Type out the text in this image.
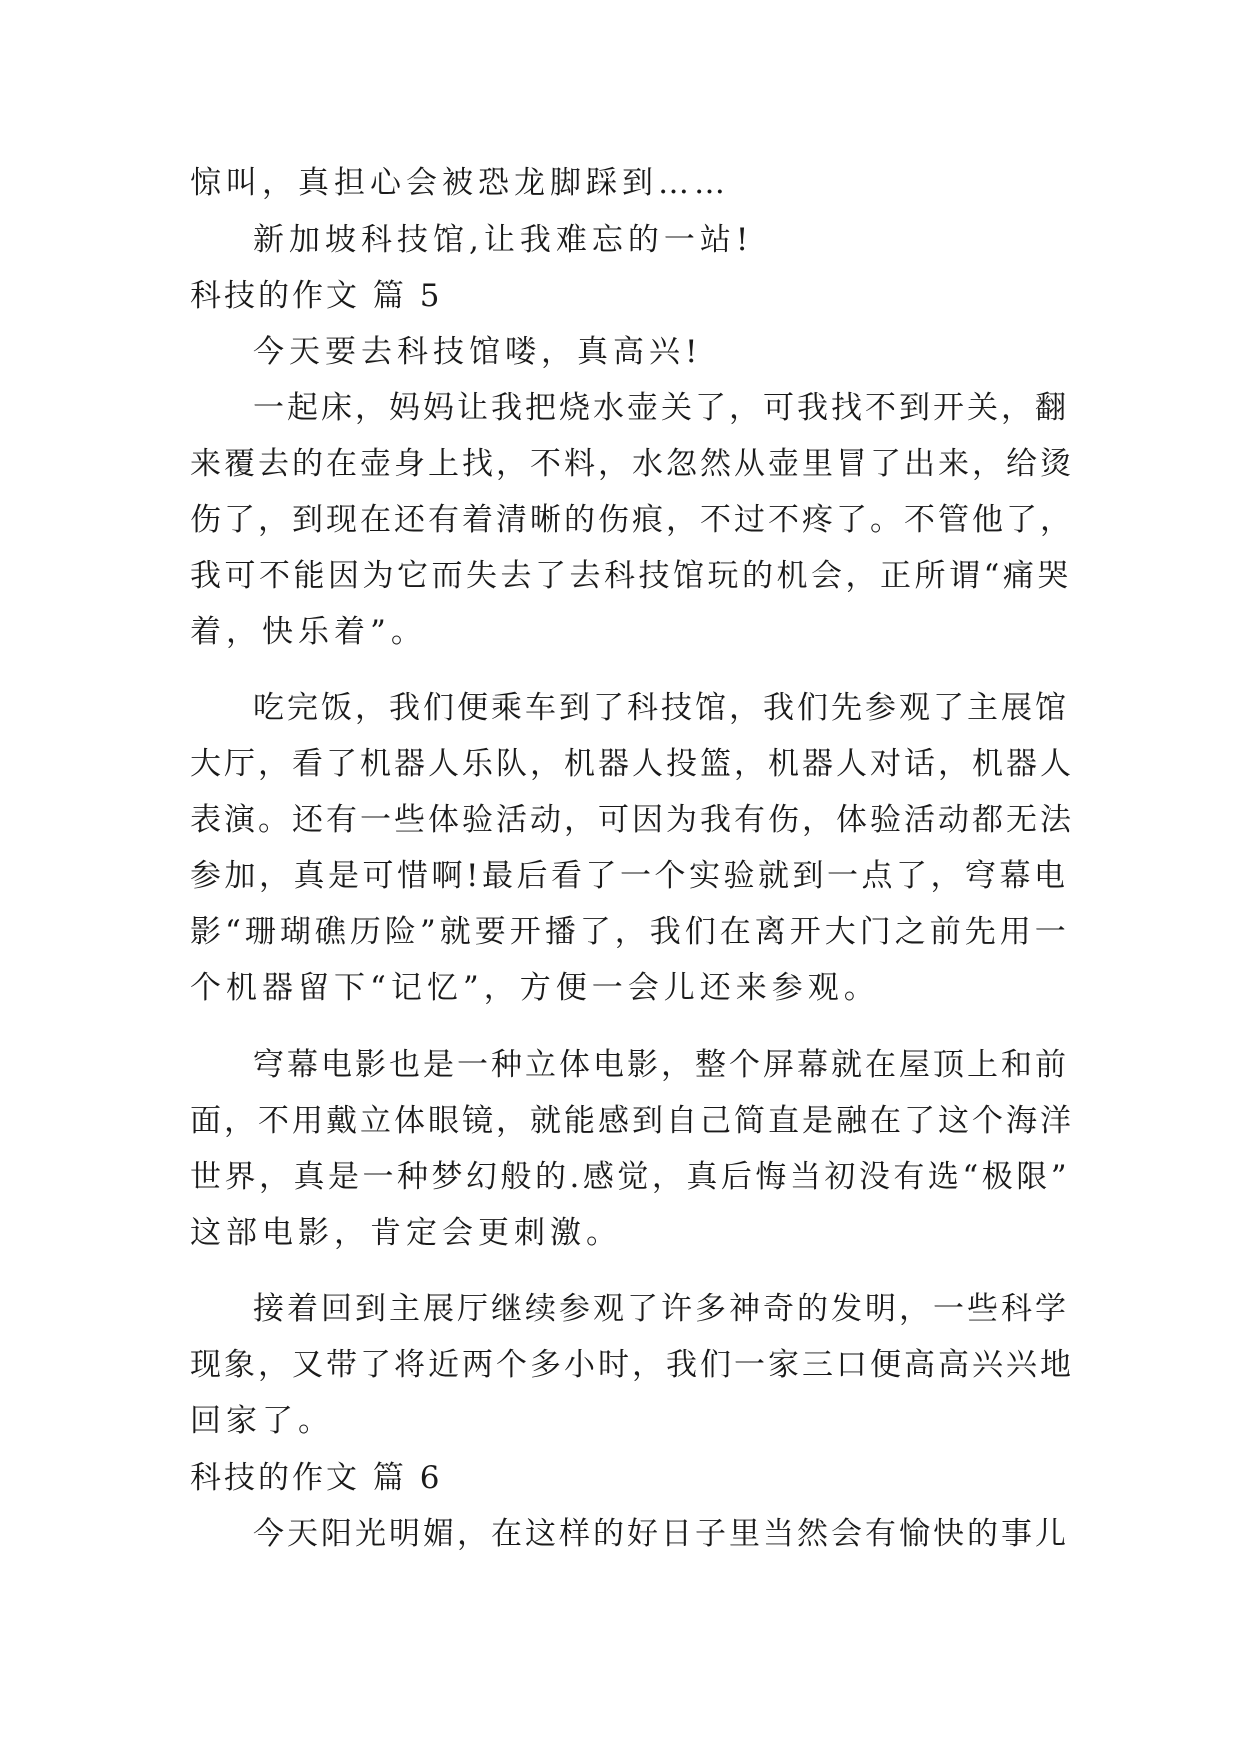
惊叫，真担心会被恐龙脚踩到……
新加坡科技馆,让我难忘的一站!
科技的作文 篇 5
今天要去科技馆喽，真高兴!
一起床，妈妈让我把烧水壶关了，可我找不到开关，翻
来覆去的在壶身上找，不料，水忽然从壶里冒了出来，给烫
伤了，到现在还有着清晰的伤痕，不过不疼了。不管他了，
我可不能因为它而失去了去科技馆玩的机会，正所谓“痛哭
着，快乐着”。
吃完饭，我们便乘车到了科技馆，我们先参观了主展馆
大厅，看了机器人乐队，机器人投篮，机器人对话，机器人
表演。还有一些体验活动，可因为我有伤，体验活动都无法
参加，真是可惜啊!最后看了一个实验就到一点了，穹幕电
影“珊瑚礁历险”就要开播了，我们在离开大门之前先用一
个机器留下“记忆”，方便一会儿还来参观。
穹幕电影也是一种立体电影，整个屏幕就在屋顶上和前
面，不用戴立体眼镜，就能感到自己简直是融在了这个海洋
世界，真是一种梦幻般的.感觉，真后悔当初没有选“极限”
这部电影，肯定会更刺激。
接着回到主展厅继续参观了许多神奇的发明，一些科学
现象，又带了将近两个多小时，我们一家三口便高高兴兴地
回家了。
科技的作文 篇 6
今天阳光明媚，在这样的好日子里当然会有愉快的事儿
